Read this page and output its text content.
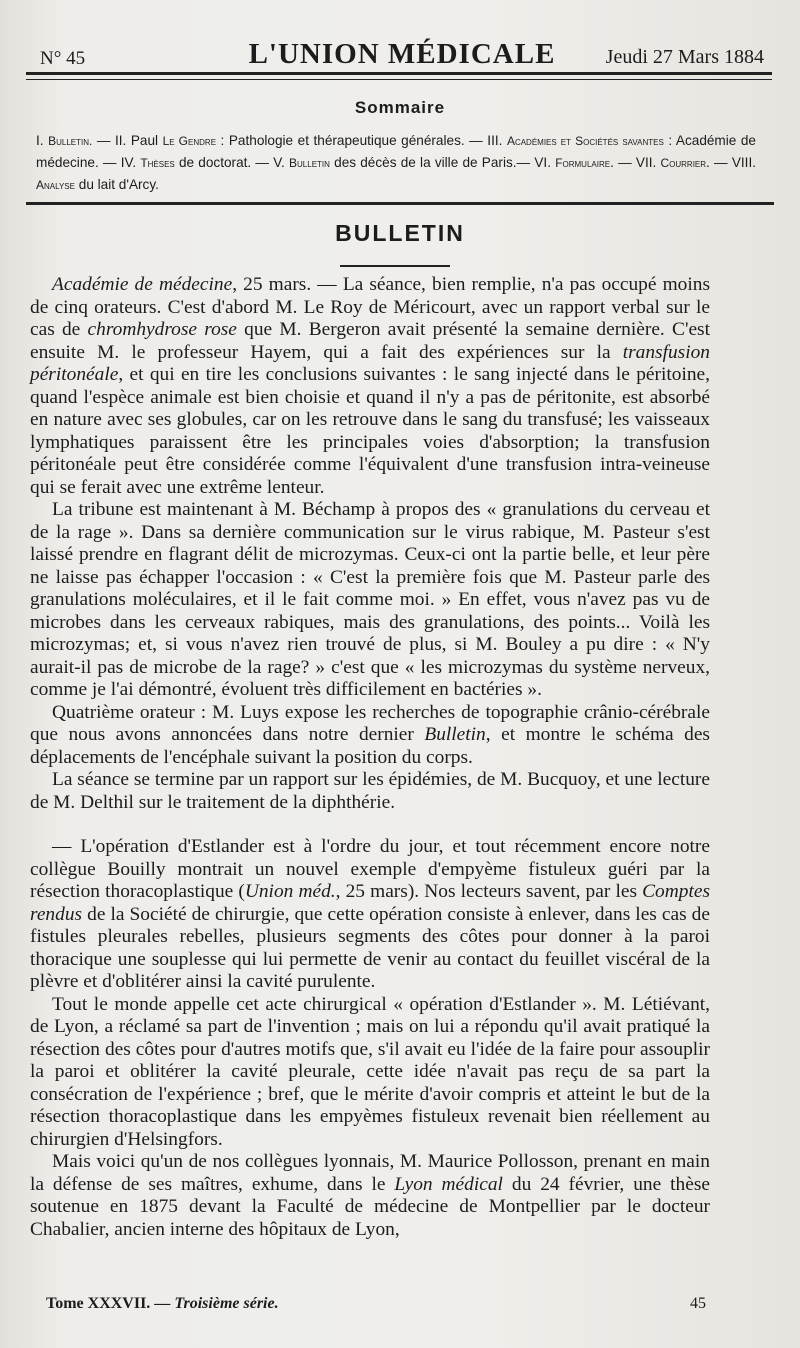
N° 45	L'UNION MÉDICALE	Jeudi 27 Mars 1884
Sommaire
I. Bulletin. — II. Paul Le Gendre : Pathologie et thérapeutique générales. — III. Académies et Sociétés savantes : Académie de médecine. — IV. Thèses de doctorat. — V. Bulletin des décès de la ville de Paris.— VI. Formulaire. — VII. Courrier. — VIII. Analyse du lait d'Arcy.
BULLETIN

Académie de médecine, 25 mars. — La séance, bien remplie, n'a pas occupé moins de cinq orateurs. C'est d'abord M. Le Roy de Méricourt, avec un rapport verbal sur le cas de chromhydrose rose que M. Bergeron avait présenté la semaine dernière. C'est ensuite M. le professeur Hayem, qui a fait des expériences sur la transfusion péritonéale, et qui en tire les conclusions suivantes : le sang injecté dans le péritoine, quand l'espèce animale est bien choisie et quand il n'y a pas de péritonite, est absorbé en nature avec ses globules, car on les retrouve dans le sang du transfusé; les vaisseaux lymphatiques paraissent être les principales voies d'absorption; la transfusion péritonéale peut être considérée comme l'équivalent d'une transfusion intra-veineuse qui se ferait avec une extrême lenteur.

La tribune est maintenant à M. Béchamp à propos des « granulations du cerveau et de la rage ». Dans sa dernière communication sur le virus rabique, M. Pasteur s'est laissé prendre en flagrant délit de microzymas. Ceux-ci ont la partie belle, et leur père ne laisse pas échapper l'occasion : « C'est la première fois que M. Pasteur parle des granulations moléculaires, et il le fait comme moi. » En effet, vous n'avez pas vu de microbes dans les cerveaux rabiques, mais des granulations, des points... Voilà les microzymas; et, si vous n'avez rien trouvé de plus, si M. Bouley a pu dire : « N'y aurait-il pas de microbe de la rage? » c'est que « les microzymas du système nerveux, comme je l'ai démontré, évoluent très difficilement en bactéries ».

Quatrième orateur : M. Luys expose les recherches de topographie crânio-cérébrale que nous avons annoncées dans notre dernier Bulletin, et montre le schéma des déplacements de l'encéphale suivant la position du corps.

La séance se termine par un rapport sur les épidémies, de M. Bucquoy, et une lecture de M. Delthil sur le traitement de la diphthérie.

— L'opération d'Estlander est à l'ordre du jour, et tout récemment encore notre collègue Bouilly montrait un nouvel exemple d'empyème fistuleux guéri par la résection thoracoplastique (Union méd., 25 mars). Nos lecteurs savent, par les Comptes rendus de la Société de chirurgie, que cette opération consiste à enlever, dans les cas de fistules pleurales rebelles, plusieurs segments des côtes pour donner à la paroi thoracique une souplesse qui lui permette de venir au contact du feuillet viscéral de la plèvre et d'oblitérer ainsi la cavité purulente.

Tout le monde appelle cet acte chirurgical « opération d'Estlander ». M. Létiévant, de Lyon, a réclamé sa part de l'invention ; mais on lui a répondu qu'il avait pratiqué la résection des côtes pour d'autres motifs que, s'il avait eu l'idée de la faire pour assouplir la paroi et oblitérer la cavité pleurale, cette idée n'avait pas reçu de sa part la consécration de l'expérience ; bref, que le mérite d'avoir compris et atteint le but de la résection thoracoplastique dans les empyèmes fistuleux revenait bien réellement au chirurgien d'Helsingfors.

Mais voici qu'un de nos collègues lyonnais, M. Maurice Pollosson, prenant en main la défense de ses maîtres, exhume, dans le Lyon médical du 24 février, une thèse soutenue en 1875 devant la Faculté de médecine de Montpellier par le docteur Chabalier, ancien interne des hôpitaux de Lyon,

Tome XXXVII. — Troisième série.	45
